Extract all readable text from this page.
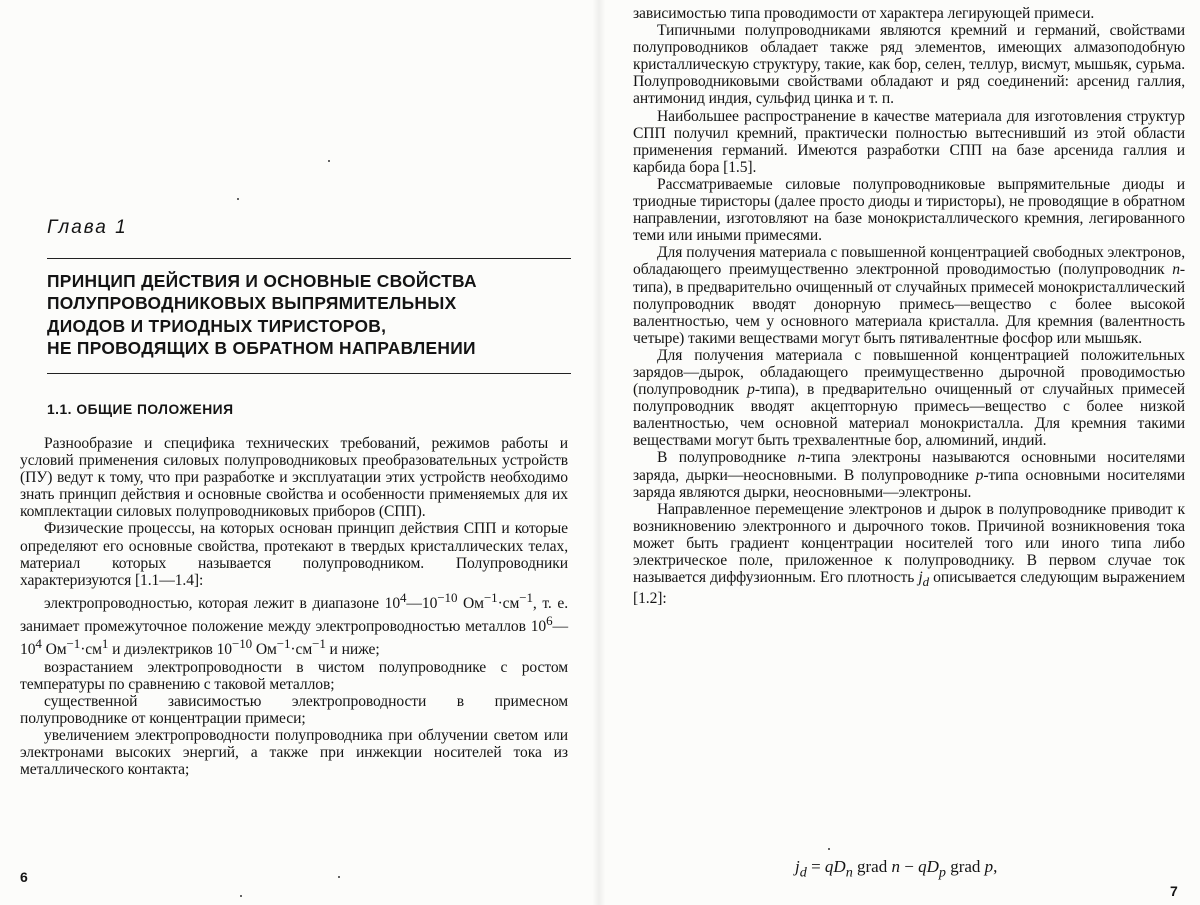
Глава 1
ПРИНЦИП ДЕЙСТВИЯ И ОСНОВНЫЕ СВОЙСТВА
ПОЛУПРОВОДНИКОВЫХ ВЫПРЯМИТЕЛЬНЫХ
ДИОДОВ И ТРИОДНЫХ ТИРИСТОРОВ,
НЕ ПРОВОДЯЩИХ В ОБРАТНОМ НАПРАВЛЕНИИ
1.1. ОБЩИЕ ПОЛОЖЕНИЯ

Разнообразие и специфика технических требований, режимов работы и условий применения силовых полупроводниковых преобразовательных устройств (ПУ) ведут к тому, что при разработке и эксплуатации этих устройств необходимо знать принцип действия и основные свойства и особенности применяемых для их комплектации силовых полупроводниковых приборов (СПП).

Физические процессы, на которых основан принцип действия СПП и которые определяют его основные свойства, протекают в твердых кристаллических телах, материал которых называется полупроводником. Полупроводники характеризуются [1.1—1.4]:

электропроводностью, которая лежит в диапазоне $10^4—10^{-10}$ $Ом^{-1}\cdot см^{-1}$, т. е. занимает промежуточное положение между электропроводностью металлов $10^6—10^4$ $Ом^{-1}\cdot см^1$ и диэлектриков $10^{-10}$ $Ом^{-1}\cdot см^{-1}$ и ниже;

возрастанием электропроводности в чистом полупроводнике с ростом температуры по сравнению с таковой металлов;

существенной зависимостью электропроводности в примесном полупроводнике от концентрации примеси;

увеличением электропроводности полупроводника при облучении светом или электронами высоких энергий, а также при инжекции носителей тока из металлического контакта;

6

зависимостью типа проводимости от характера легирующей примеси.

Типичными полупроводниками являются кремний и германий, свойствами полупроводников обладает также ряд элементов, имеющих алмазоподобную кристаллическую структуру, такие, как бор, селен, теллур, висмут, мышьяк, сурьма. Полупроводниковыми свойствами обладают и ряд соединений: арсенид галлия, антимонид индия, сульфид цинка и т. п.

Наибольшее распространение в качестве материала для изготовления структур СПП получил кремний, практически полностью вытеснивший из этой области применения германий. Имеются разработки СПП на базе арсенида галлия и карбида бора [1.5].

Рассматриваемые силовые полупроводниковые выпрямительные диоды и триодные тиристоры (далее просто диоды и тиристоры), не проводящие в обратном направлении, изготовляют на базе монокристаллического кремния, легированного теми или иными примесями.

Для получения материала с повышенной концентрацией свободных электронов, обладающего преимущественно электронной проводимостью (полупроводник n-типа), в предварительно очищенный от случайных примесей монокристаллический полупроводник вводят донорную примесь—вещество с более высокой валентностью, чем у основного материала кристалла. Для кремния (валентность четыре) такими веществами могут быть пятивалентные фосфор или мышьяк.

Для получения материала с повышенной концентрацией положительных зарядов—дырок, обладающего преимущественно дырочной проводимостью (полупроводник p-типа), в предварительно очищенный от случайных примесей полупроводник вводят акцепторную примесь—вещество с более низкой валентностью, чем основной материал монокристалла. Для кремния такими веществами могут быть трехвалентные бор, алюминий, индий.

В полупроводнике n-типа электроны называются основными носителями заряда, дырки—неосновными. В полупроводнике p-типа основными носителями заряда являются дырки, неосновными—электроны.

Направленное перемещение электронов и дырок в полупроводнике приводит к возникновению электронного и дырочного токов. Причиной возникновения тока может быть градиент концентрации носителей того или иного типа либо электрическое поле, приложенное к полупроводнику. В первом случае ток называется диффузионным. Его плотность $j_d$ описывается следующим выражением [1.2]:

7
$j_d = qD_n$ grad $n - qD_p$ grad p,
